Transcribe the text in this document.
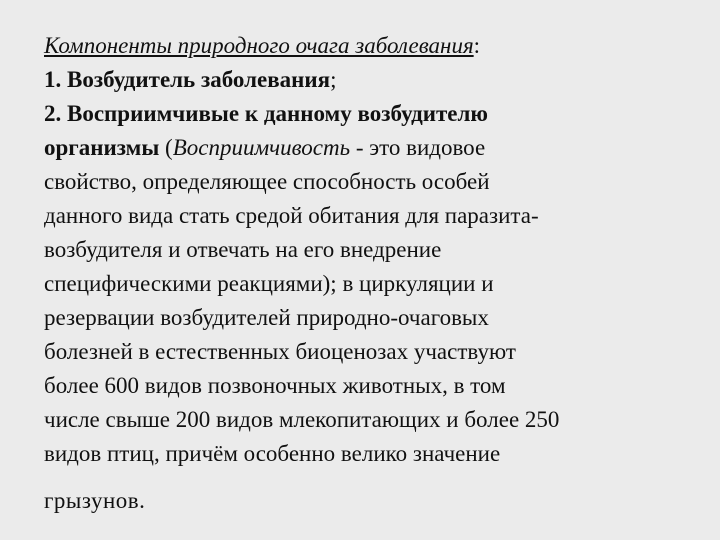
Компоненты природного очага заболевания:
1. Возбудитель заболевания;
2. Восприимчивые к данному возбудителю
организмы (Восприимчивость - это видовое
свойство, определяющее способность особей
данного вида стать средой обитания для паразита-
возбудителя и отвечать на его внедрение
специфическими реакциями); в циркуляции и
резервации возбудителей природно-очаговых
болезней в естественных биоценозах участвуют
более 600 видов позвоночных животных, в том
числе свыше 200 видов млекопитающих и более 250
видов птиц, причём особенно велико значение
грызунов.
